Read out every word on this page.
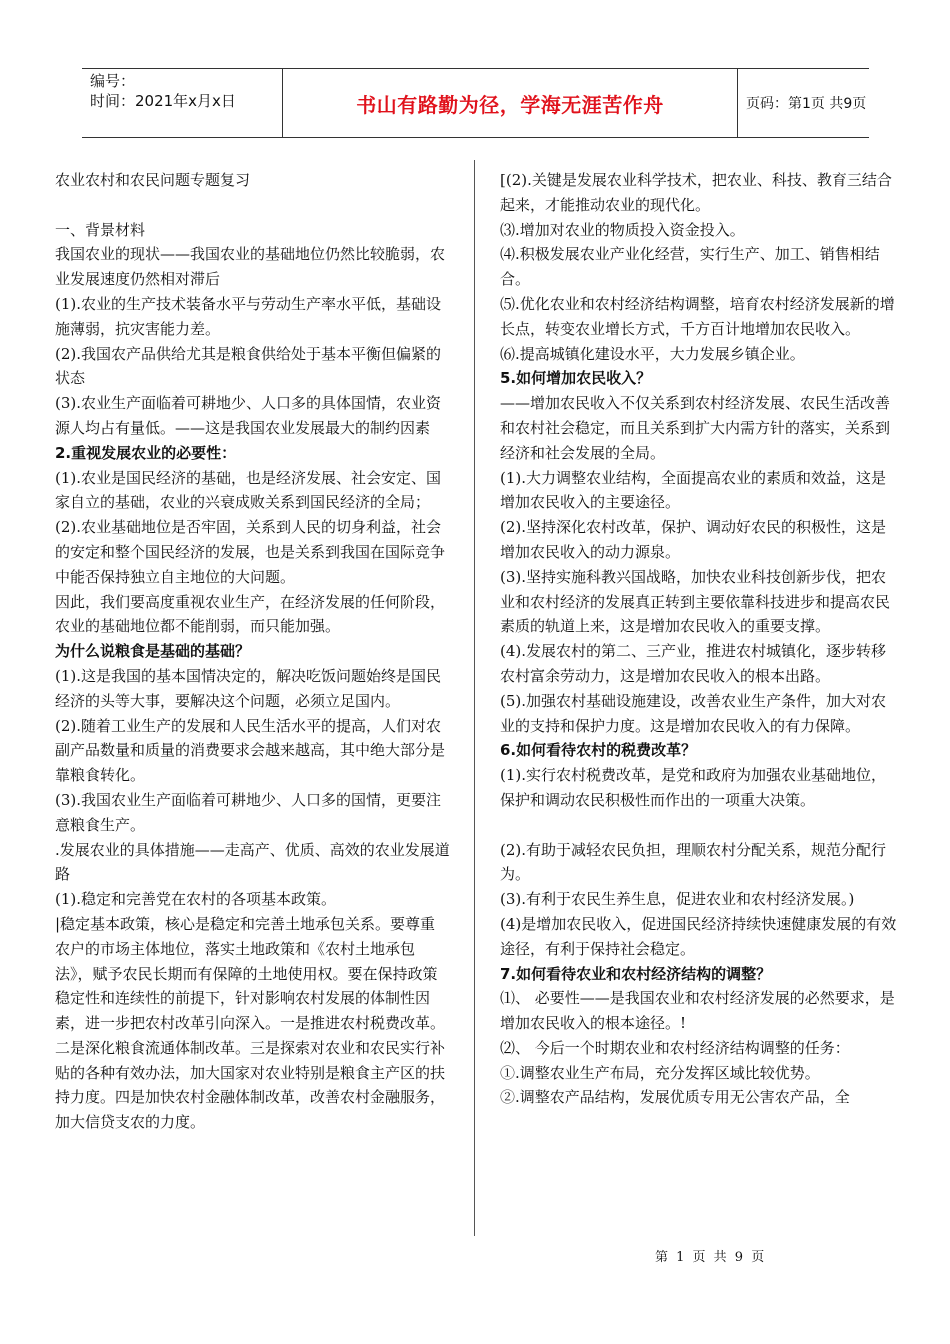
编号：
时间：2021年x月x日	书山有路勤为径，学海无涯苦作舟	页码：第1页 共9页

农业农村和农民问题专题复习

一、背景材料

我国农业的现状——我国农业的基础地位仍然比较脆弱，农业发展速度仍然相对滞后

(1).农业的生产技术装备水平与劳动生产率水平低，基础设施薄弱，抗灾害能力差。

(2).我国农产品供给尤其是粮食供给处于基本平衡但偏紧的状态

(3).农业生产面临着可耕地少、人口多的具体国情，农业资源人均占有量低。——这是我国农业发展最大的制约因素

2.重视发展农业的必要性：

(1).农业是国民经济的基础，也是经济发展、社会安定、国家自立的基础，农业的兴衰成败关系到国民经济的全局；

(2).农业基础地位是否牢固，关系到人民的切身利益，社会的安定和整个国民经济的发展，也是关系到我国在国际竞争中能否保持独立自主地位的大问题。

因此，我们要高度重视农业生产，在经济发展的任何阶段，农业的基础地位都不能削弱，而只能加强。

为什么说粮食是基础的基础？

(1).这是我国的基本国情决定的，解决吃饭问题始终是国民经济的头等大事，要解决这个问题，必须立足国内。

(2).随着工业生产的发展和人民生活水平的提高，人们对农副产品数量和质量的消费要求会越来越高，其中绝大部分是靠粮食转化。

(3).我国农业生产面临着可耕地少、人口多的国情，更要注意粮食生产。

.发展农业的具体措施——走高产、优质、高效的农业发展道路

(1).稳定和完善党在农村的各项基本政策。

|稳定基本政策，核心是稳定和完善土地承包关系。要尊重农户的市场主体地位，落实土地政策和《农村土地承包法》，赋予农民长期而有保障的土地使用权。要在保持政策稳定性和连续性的前提下，针对影响农村发展的体制性因素，进一步把农村改革引向深入。一是推进农村税费改革。二是深化粮食流通体制改革。三是探索对农业和农民实行补贴的各种有效办法，加大国家对农业特别是粮食主产区的扶持力度。四是加快农村金融体制改革，改善农村金融服务，加大信贷支农的力度。

[(2).关键是发展农业科学技术，把农业、科技、教育三结合起来，才能推动农业的现代化。

⑶.增加对农业的物质投入资金投入。

⑷.积极发展农业产业化经营，实行生产、加工、销售相结合。

⑸.优化农业和农村经济结构调整，培育农村经济发展新的增长点，转变农业增长方式，千方百计地增加农民收入。

⑹.提高城镇化建设水平，大力发展乡镇企业。

5.如何增加农民收入？

——增加农民收入不仅关系到农村经济发展、农民生活改善和农村社会稳定，而且关系到扩大内需方针的落实，关系到经济和社会发展的全局。

(1).大力调整农业结构，全面提高农业的素质和效益，这是增加农民收入的主要途径。

(2).坚持深化农村改革，保护、调动好农民的积极性，这是增加农民收入的动力源泉。

(3).坚持实施科教兴国战略，加快农业科技创新步伐，把农业和农村经济的发展真正转到主要依靠科技进步和提高农民素质的轨道上来，这是增加农民收入的重要支撑。

(4).发展农村的第二、三产业，推进农村城镇化，逐步转移农村富余劳动力，这是增加农民收入的根本出路。

(5).加强农村基础设施建设，改善农业生产条件，加大对农业的支持和保护力度。这是增加农民收入的有力保障。

6.如何看待农村的税费改革？

(1).实行农村税费改革，是党和政府为加强农业基础地位，保护和调动农民积极性而作出的一项重大决策。

(2).有助于减轻农民负担，理顺农村分配关系，规范分配行为。

(3).有利于农民生养生息，促进农业和农村经济发展。)

(4)是增加农民收入，促进国民经济持续快速健康发展的有效途径，有利于保持社会稳定。

7.如何看待农业和农村经济结构的调整？

⑴、 必要性——是我国农业和农村经济发展的必然要求，是增加农民收入的根本途径。!

⑵、 今后一个时期农业和农村经济结构调整的任务：

①.调整农业生产布局，充分发挥区域比较优势。

②.调整农产品结构，发展优质专用无公害农产品，全

第 1 页 共 9 页
